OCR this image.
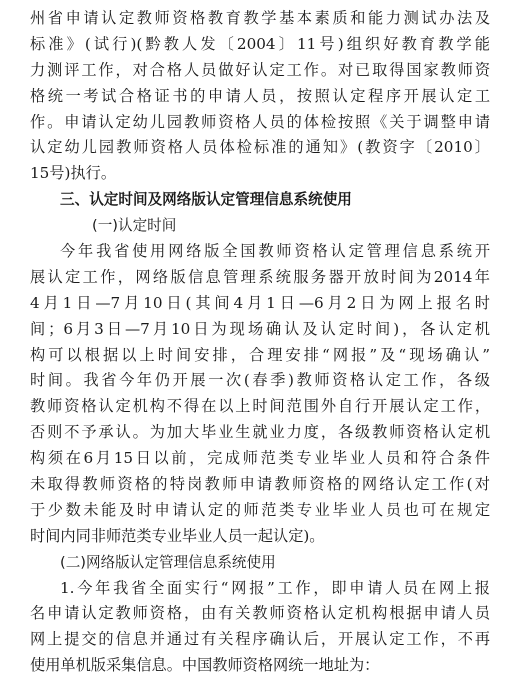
州省申请认定教师资格教育教学基本素质和能力测试办法及
标准》(试行)(黔教人发〔2004〕11号)组织好教育教学能
力测评工作，对合格人员做好认定工作。对已取得国家教师资
格统一考试合格证书的申请人员，按照认定程序开展认定工
作。申请认定幼儿园教师资格人员的体检按照《关于调整申请
认定幼儿园教师资格人员体检标准的通知》(教资字〔2010〕
15号)执行。
三、认定时间及网络版认定管理信息系统使用
(一)认定时间
今年我省使用网络版全国教师资格认定管理信息系统开
展认定工作，网络版信息管理系统服务器开放时间为2014年
4月1日—7月10日(其间4月1日—6月2日为网上报名时
间；6月3日—7月10日为现场确认及认定时间)，各认定机
构可以根据以上时间安排，合理安排“网报”及“现场确认”
时间。我省今年仍开展一次(春季)教师资格认定工作，各级
教师资格认定机构不得在以上时间范围外自行开展认定工作，
否则不予承认。为加大毕业生就业力度，各级教师资格认定机
构须在6月15日以前，完成师范类专业毕业人员和符合条件
未取得教师资格的特岗教师申请教师资格的网络认定工作(对
于少数未能及时申请认定的师范类专业毕业人员也可在规定
时间内同非师范类专业毕业人员一起认定)。
(二)网络版认定管理信息系统使用
1.今年我省全面实行“网报”工作，即申请人员在网上报
名申请认定教师资格，由有关教师资格认定机构根据申请人员
网上提交的信息并通过有关程序确认后，开展认定工作，不再
使用单机版采集信息。中国教师资格网统一地址为：
